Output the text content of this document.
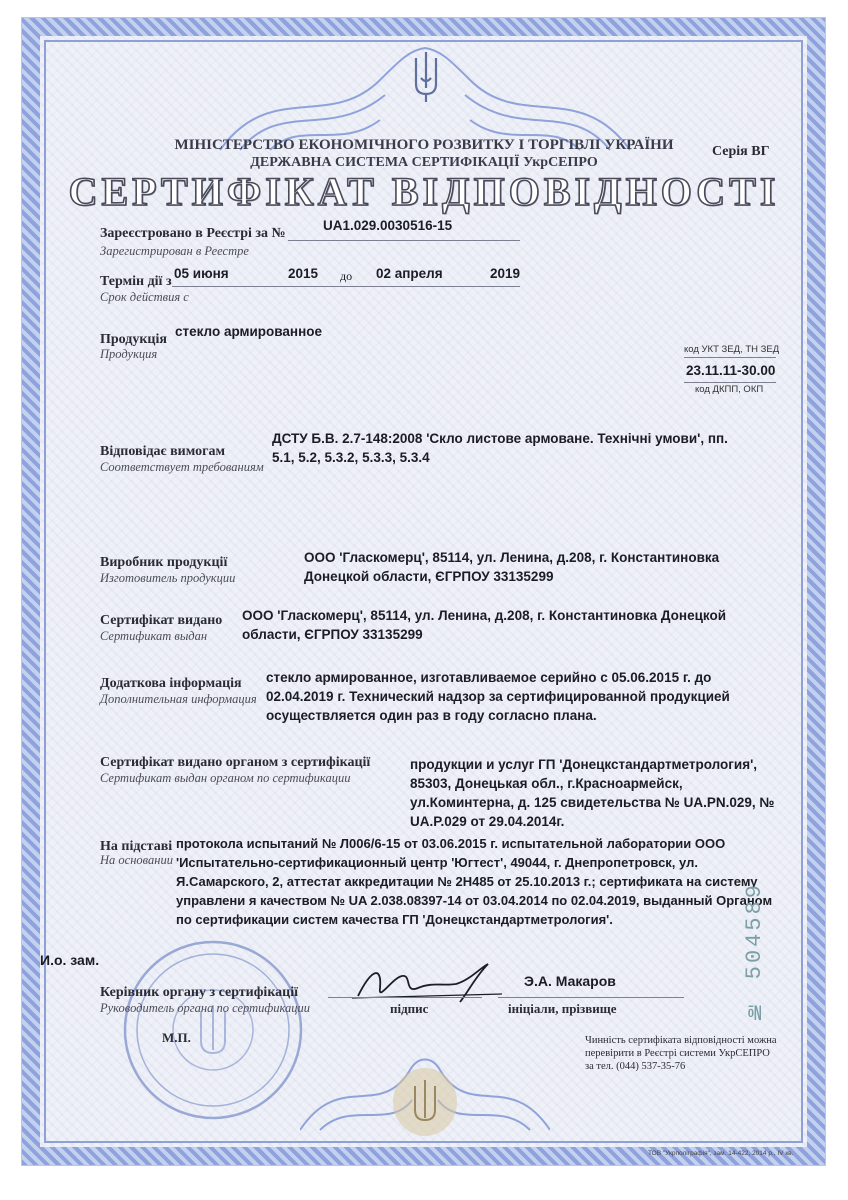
МІНІСТЕРСТВО ЕКОНОМІЧНОГО РОЗВИТКУ І ТОРГІВЛІ УКРАЇНИ
ДЕРЖАВНА СИСТЕМА СЕРТИФІКАЦІЇ УкрСЕПРО
Серія ВГ
СЕРТИФІКАТ ВІДПОВІДНОСТІ
Зареєстровано в Реєстрі за №
Зарегистрирован в Реестре
UA1.029.0030516-15
Термін дії з
Срок действия с
05 июня	2015 до 02 апреля	2019
Продукція
Продукция
стекло армированное
код УКТ ЗЕД, ТН ЗЕД
23.11.11-30.00
код ДКПП, ОКП
Відповідає вимогам
Соответствует требованиям
ДСТУ Б.В. 2.7-148:2008 'Скло листове армоване. Технічні умови', пп.
5.1, 5.2, 5.3.2, 5.3.3, 5.3.4
Виробник продукції
Изготовитель продукции
ООО 'Гласкомерц', 85114, ул. Ленина, д.208, г. Константиновка
Донецкой области, ЄГРПОУ 33135299
Сертифікат видано
Сертификат выдан
ООО 'Гласкомерц', 85114, ул. Ленина, д.208, г. Константиновка Донецкой
области, ЄГРПОУ 33135299
Додаткова інформація
Дополнительная информация
стекло армированное, изготавливаемое серийно с 05.06.2015 г. до
02.04.2019 г. Технический надзор за сертифицированной продукцией
осуществляется один раз в году согласно плана.
Сертифікат видано органом з сертифікації
Сертификат выдан органом по сертификации
продукции и услуг ГП 'Донецкстандартметрология',
85303, Донецькая обл., г.Красноармейск,
ул.Коминтерна, д. 125 свидетельства № UA.PN.029, №
UA.P.029 от 29.04.2014г.
На підставі
На основании
протокола испытаний № Л006/6-15 от 03.06.2015 г. испытательной лаборатории ООО
'Испытательно-сертификационный центр 'Югтест', 49044, г. Днепропетровск, ул.
Я.Самарского, 2, аттестат аккредитации № 2Н485 от 25.10.2013 г.; сертификата на систему
управлени я качеством № UA 2.038.08397-14 от 03.04.2014 по 02.04.2019, выданный Органом
по сертификации систем качества ГП 'Донецкстандартметрология'.
И.о. зам.
Керівник органу з сертифікації
Руководитель органа по сертификации
Э.А. Макаров
підпис	ініціали, прізвище
М.П.
№ 504589
Чинність сертифіката відповідності можна
перевірити в Реєстрі системи УкрСЕПРО
за тел. (044) 537-35-76
ТОВ "Укрполіграфія", зам. 14-422, 2014 р., IV кв.
